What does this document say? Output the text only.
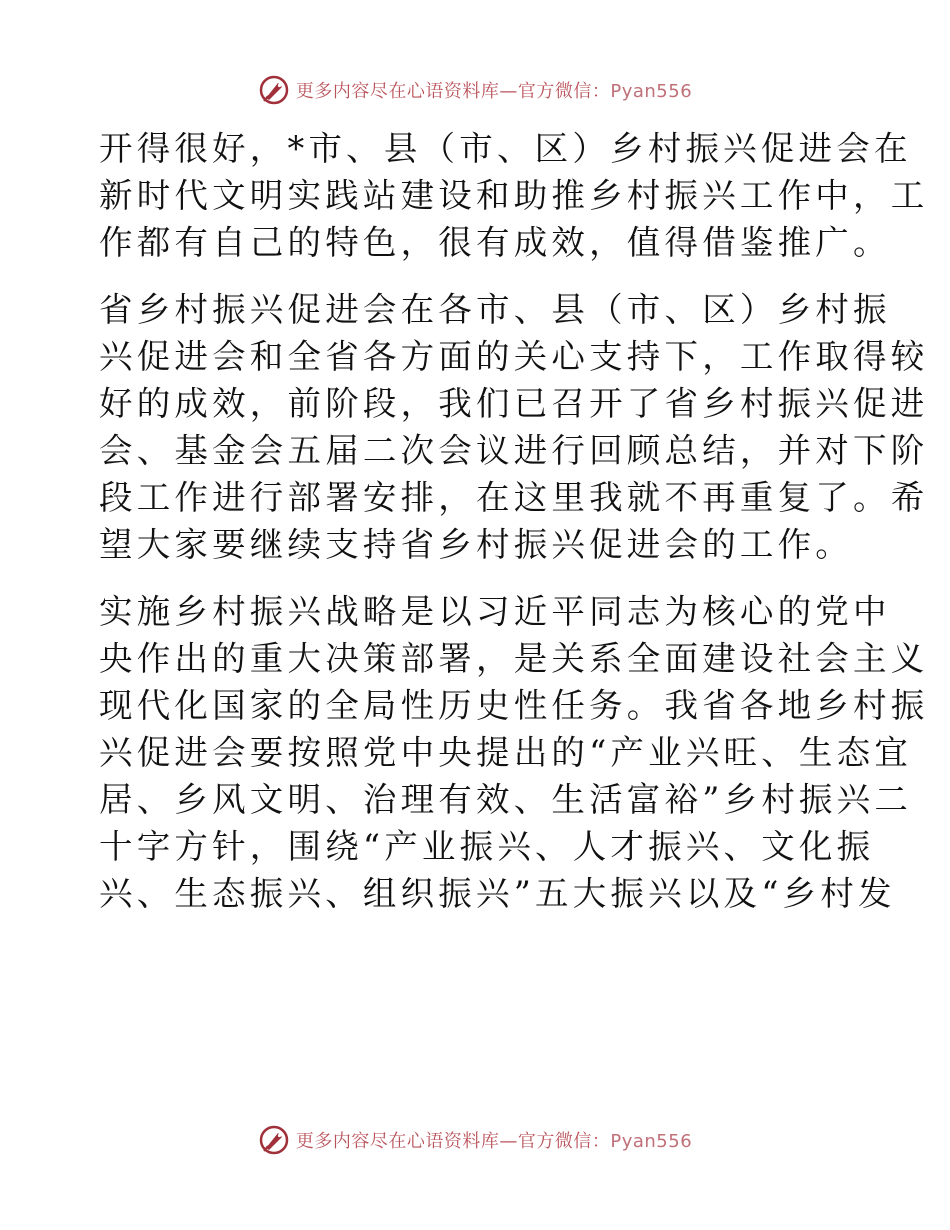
更多内容尽在心语资料库—官方微信：Pyan556

开得很好，*市、县（市、区）乡村振兴促进会在
新时代文明实践站建设和助推乡村振兴工作中，工
作都有自己的特色，很有成效，值得借鉴推广。

省乡村振兴促进会在各市、县（市、区）乡村振
兴促进会和全省各方面的关心支持下，工作取得较
好的成效，前阶段，我们已召开了省乡村振兴促进
会、基金会五届二次会议进行回顾总结，并对下阶
段工作进行部署安排，在这里我就不再重复了。希
望大家要继续支持省乡村振兴促进会的工作。

实施乡村振兴战略是以习近平同志为核心的党中
央作出的重大决策部署，是关系全面建设社会主义
现代化国家的全局性历史性任务。我省各地乡村振
兴促进会要按照党中央提出的“产业兴旺、生态宜
居、乡风文明、治理有效、生活富裕”乡村振兴二
十字方针，围绕“产业振兴、人才振兴、文化振
兴、生态振兴、组织振兴”五大振兴以及“乡村发

更多内容尽在心语资料库—官方微信：Pyan556
